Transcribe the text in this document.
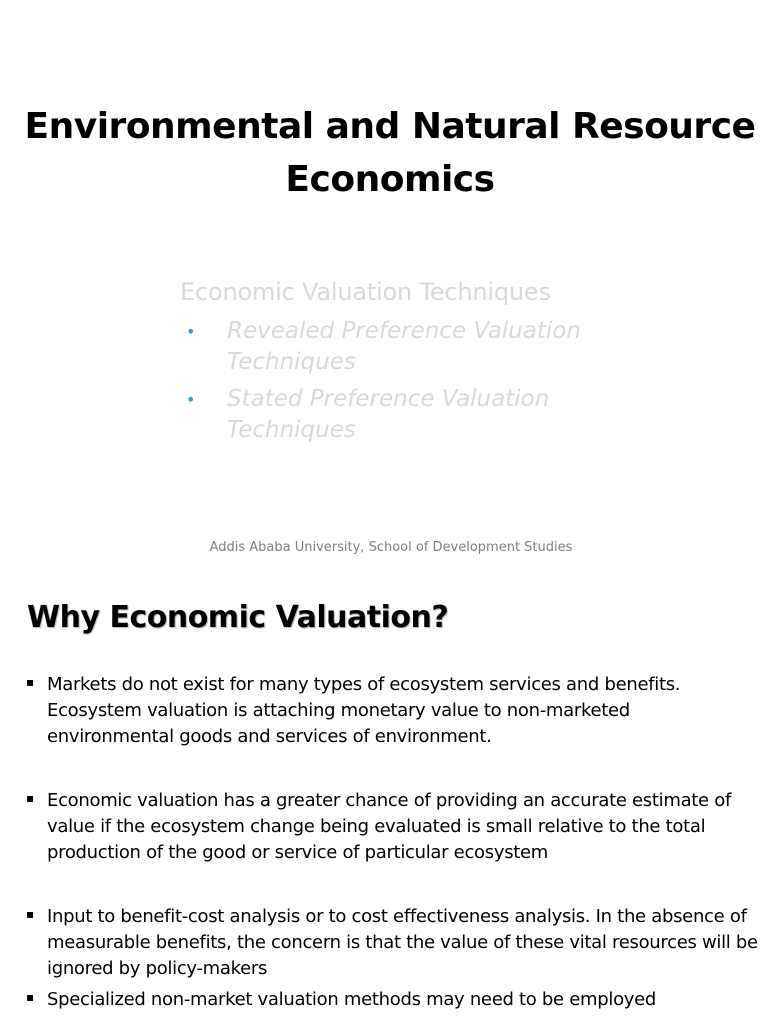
Environmental and Natural Resource
Economics
Economic Valuation Techniques
• Revealed Preference Valuation Techniques
• Stated Preference Valuation Techniques
Addis Ababa University, School of Development Studies
Why Economic Valuation?
▪ Markets do not exist for many types of ecosystem services and benefits. Ecosystem valuation is attaching monetary value to non-marketed environmental goods and services of environment.
▪ Economic valuation has a greater chance of providing an accurate estimate of value if the ecosystem change being evaluated is small relative to the total production of the good or service of particular ecosystem
▪ Input to benefit-cost analysis or to cost effectiveness analysis. In the absence of measurable benefits, the concern is that the value of these vital resources will be ignored by policy-makers
▪ Specialized non-market valuation methods may need to be employed
